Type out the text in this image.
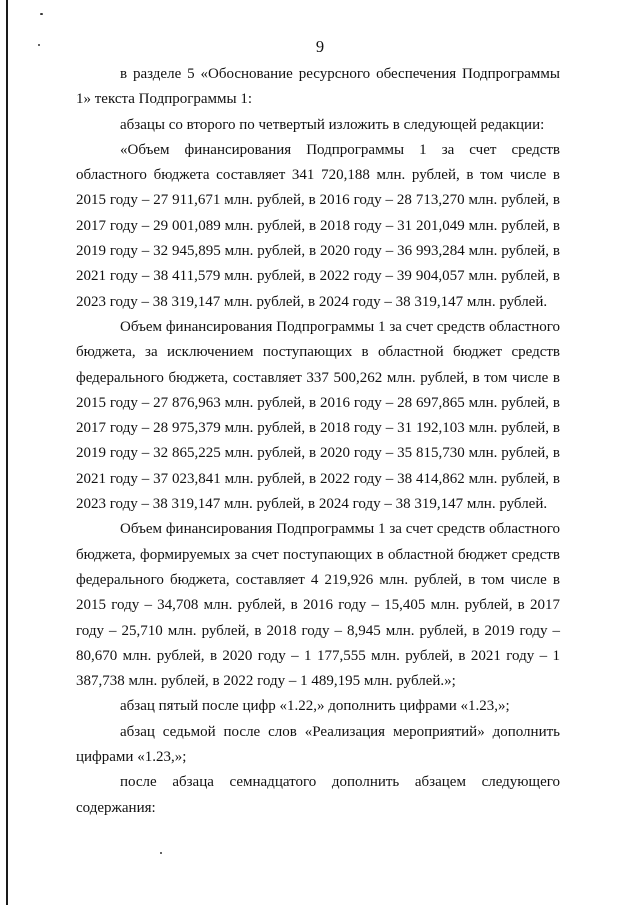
9

в разделе 5 «Обоснование ресурсного обеспечения Подпрограммы 1» текста Подпрограммы 1:

абзацы со второго по четвертый изложить в следующей редакции:

«Объем финансирования Подпрограммы 1 за счет средств областного бюджета составляет 341 720,188 млн. рублей, в том числе в 2015 году – 27 911,671 млн. рублей, в 2016 году – 28 713,270 млн. рублей, в 2017 году – 29 001,089 млн. рублей, в 2018 году – 31 201,049 млн. рублей, в 2019 году – 32 945,895 млн. рублей, в 2020 году – 36 993,284 млн. рублей, в 2021 году – 38 411,579 млн. рублей, в 2022 году – 39 904,057 млн. рублей, в 2023 году – 38 319,147 млн. рублей, в 2024 году – 38 319,147 млн. рублей.

Объем финансирования Подпрограммы 1 за счет средств областного бюджета, за исключением поступающих в областной бюджет средств федерального бюджета, составляет 337 500,262 млн. рублей, в том числе в 2015 году – 27 876,963 млн. рублей, в 2016 году – 28 697,865 млн. рублей, в 2017 году – 28 975,379 млн. рублей, в 2018 году – 31 192,103 млн. рублей, в 2019 году – 32 865,225 млн. рублей, в 2020 году – 35 815,730 млн. рублей, в 2021 году – 37 023,841 млн. рублей, в 2022 году – 38 414,862 млн. рублей, в 2023 году – 38 319,147 млн. рублей, в 2024 году – 38 319,147 млн. рублей.

Объем финансирования Подпрограммы 1 за счет средств областного бюджета, формируемых за счет поступающих в областной бюджет средств федерального бюджета, составляет 4 219,926 млн. рублей, в том числе в 2015 году – 34,708 млн. рублей, в 2016 году – 15,405 млн. рублей, в 2017 году – 25,710 млн. рублей, в 2018 году – 8,945 млн. рублей, в 2019 году – 80,670 млн. рублей, в 2020 году – 1 177,555 млн. рублей, в 2021 году – 1 387,738 млн. рублей, в 2022 году – 1 489,195 млн. рублей.»;

абзац пятый после цифр «1.22,» дополнить цифрами «1.23,»;

абзац седьмой после слов «Реализация мероприятий» дополнить цифрами «1.23,»;

после абзаца семнадцатого дополнить абзацем следующего содержания:
